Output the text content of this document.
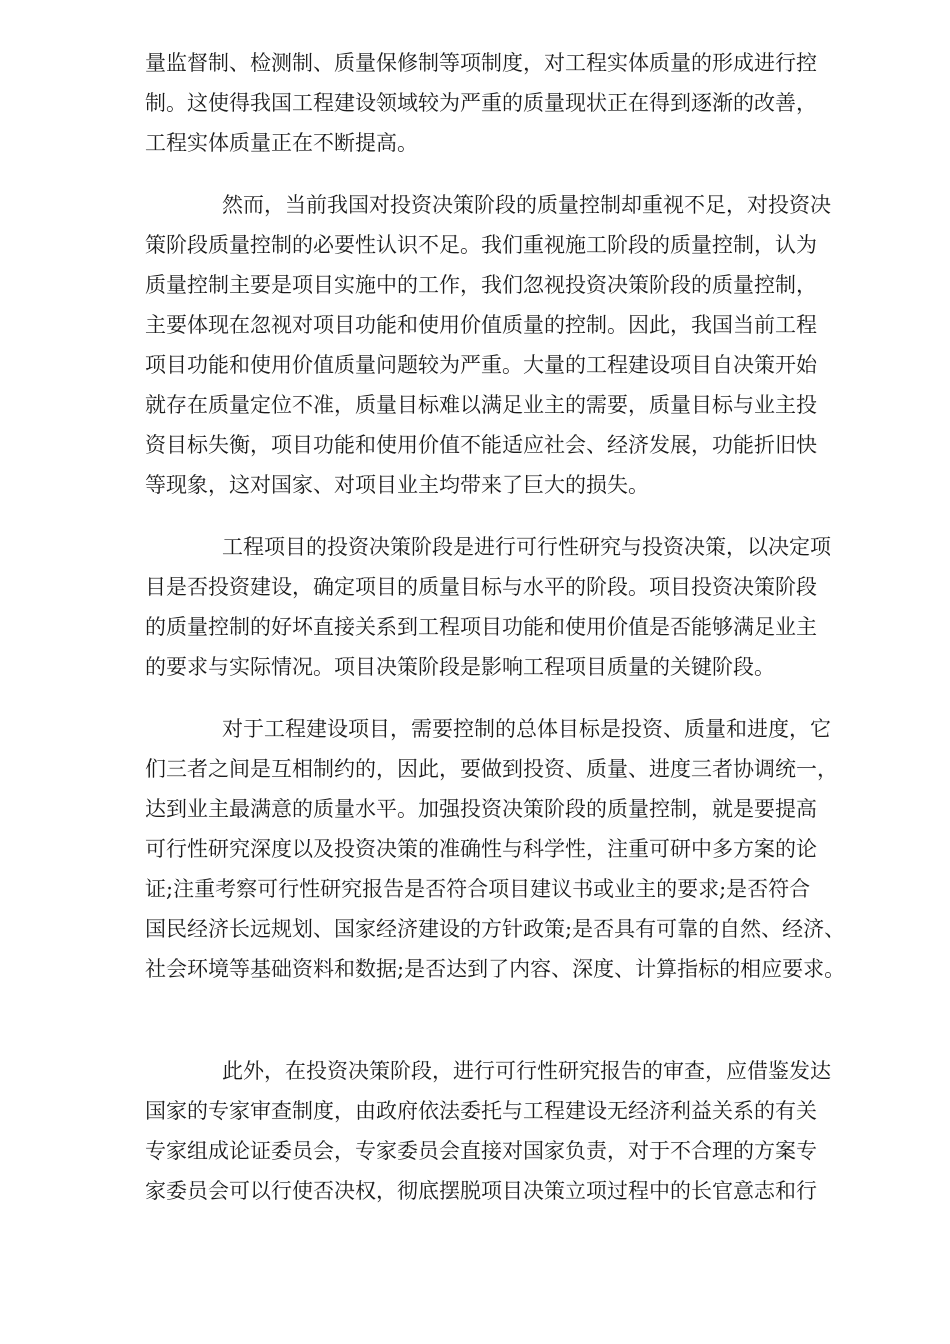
量监督制、检测制、质量保修制等项制度，对工程实体质量的形成进行控
制。这使得我国工程建设领域较为严重的质量现状正在得到逐渐的改善，
工程实体质量正在不断提高。
然而，当前我国对投资决策阶段的质量控制却重视不足，对投资决
策阶段质量控制的必要性认识不足。我们重视施工阶段的质量控制，认为
质量控制主要是项目实施中的工作，我们忽视投资决策阶段的质量控制，
主要体现在忽视对项目功能和使用价值质量的控制。因此，我国当前工程
项目功能和使用价值质量问题较为严重。大量的工程建设项目自决策开始
就存在质量定位不准，质量目标难以满足业主的需要，质量目标与业主投
资目标失衡，项目功能和使用价值不能适应社会、经济发展，功能折旧快
等现象，这对国家、对项目业主均带来了巨大的损失。
工程项目的投资决策阶段是进行可行性研究与投资决策，以决定项
目是否投资建设，确定项目的质量目标与水平的阶段。项目投资决策阶段
的质量控制的好坏直接关系到工程项目功能和使用价值是否能够满足业主
的要求与实际情况。项目决策阶段是影响工程项目质量的关键阶段。
对于工程建设项目，需要控制的总体目标是投资、质量和进度，它
们三者之间是互相制约的，因此，要做到投资、质量、进度三者协调统一，
达到业主最满意的质量水平。加强投资决策阶段的质量控制，就是要提高
可行性研究深度以及投资决策的准确性与科学性，注重可研中多方案的论
证;注重考察可行性研究报告是否符合项目建议书或业主的要求;是否符合
国民经济长远规划、国家经济建设的方针政策;是否具有可靠的自然、经济、
社会环境等基础资料和数据;是否达到了内容、深度、计算指标的相应要求。
此外，在投资决策阶段，进行可行性研究报告的审查，应借鉴发达
国家的专家审查制度，由政府依法委托与工程建设无经济利益关系的有关
专家组成论证委员会，专家委员会直接对国家负责，对于不合理的方案专
家委员会可以行使否决权，彻底摆脱项目决策立项过程中的长官意志和行
